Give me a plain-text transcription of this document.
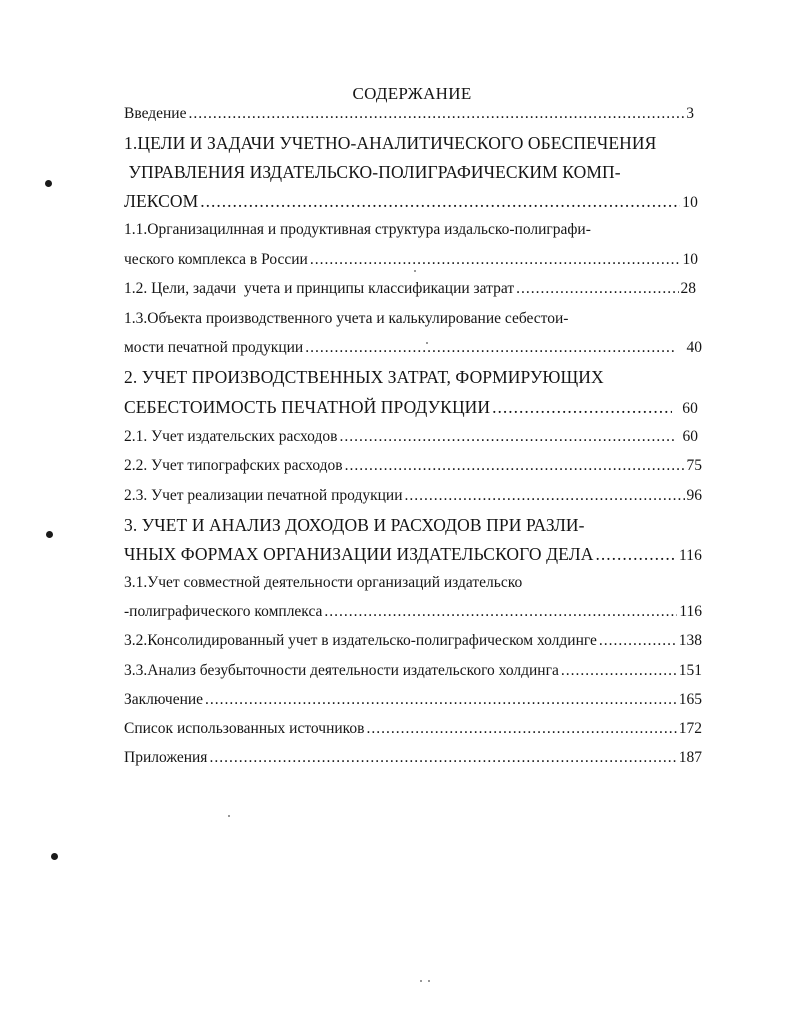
СОДЕРЖАНИЕ
Введение .....	3
1.ЦЕЛИ И ЗАДАЧИ УЧЕТНО-АНАЛИТИЧЕСКОГО ОБЕСПЕЧЕНИЯ
УПРАВЛЕНИЯ ИЗДАТЕЛЬСКО-ПОЛИГРАФИЧЕСКИМ КОМП-
ЛЕКСОМ .....	10
1.1.Организацилнная и продуктивная структура издальско-полиграфи-
ческого комплекса в России .....	10
1.2. Цели, задачи  учета и принципы классификации затрат .....	28
1.3.Объекта производственного учета и калькулирование себестои-
мости печатной продукции .....	40
2. УЧЕТ ПРОИЗВОДСТВЕННЫХ ЗАТРАТ, ФОРМИРУЮЩИХ
СЕБЕСТОИМОСТЬ ПЕЧАТНОЙ ПРОДУКЦИИ .....	60
2.1. Учет издательских расходов .....	60
2.2. Учет типографских расходов .....	75
2.3. Учет реализации печатной продукции .....	96
3. УЧЕТ И АНАЛИЗ ДОХОДОВ И РАСХОДОВ ПРИ РАЗЛИ-
ЧНЫХ ФОРМАХ ОРГАНИЗАЦИИ ИЗДАТЕЛЬСКОГО ДЕЛА .....	116
3.1.Учет совместной деятельности организаций издательско
-полиграфического комплекса .....	116
3.2.Консолидированный учет в издательско-полиграфическом холдинге .....	138
3.3.Анализ безубыточности деятельности издательского холдинга .....	151
Заключение .....	165
Список использованных источников .....	172
Приложения .....	187
